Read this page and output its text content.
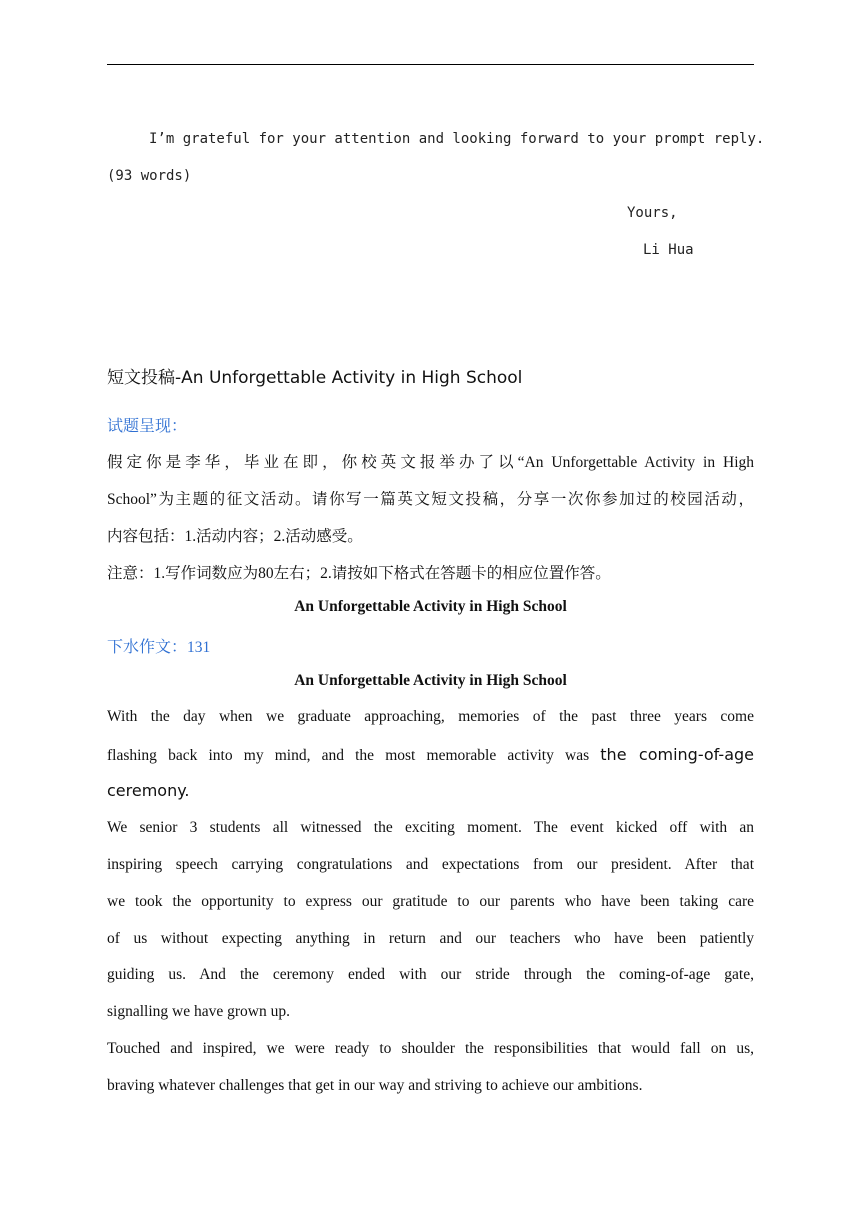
I’m grateful for your attention and looking forward to your prompt reply.
(93 words)
Yours,
Li Hua
短文投稿-An Unforgettable Activity in High School
试题呈现：
假定你是李华，毕业在即，你校英文报举办了以“An Unforgettable Activity in High
School”为主题的征文活动。请你写一篇英文短文投稿，分享一次你参加过的校园活动，
内容包括：1.活动内容；2.活动感受。
注意：1.写作词数应为80左右；2.请按如下格式在答题卡的相应位置作答。
An Unforgettable Activity in High School
下水作文：131
An Unforgettable Activity in High School
With the day when we graduate approaching, memories of the past three years come
flashing back into my mind, and the most memorable activity was the coming-of-age
ceremony.
We senior 3 students all witnessed the exciting moment. The event kicked off with an
inspiring speech carrying congratulations and expectations from our president. After that
we took the opportunity to express our gratitude to our parents who have been taking care
of us without expecting anything in return and our teachers who have been patiently
guiding us. And the ceremony ended with our stride through the coming-of-age gate,
signalling we have grown up.
Touched and inspired, we were ready to shoulder the responsibilities that would fall on us,
braving whatever challenges that get in our way and striving to achieve our ambitions.
